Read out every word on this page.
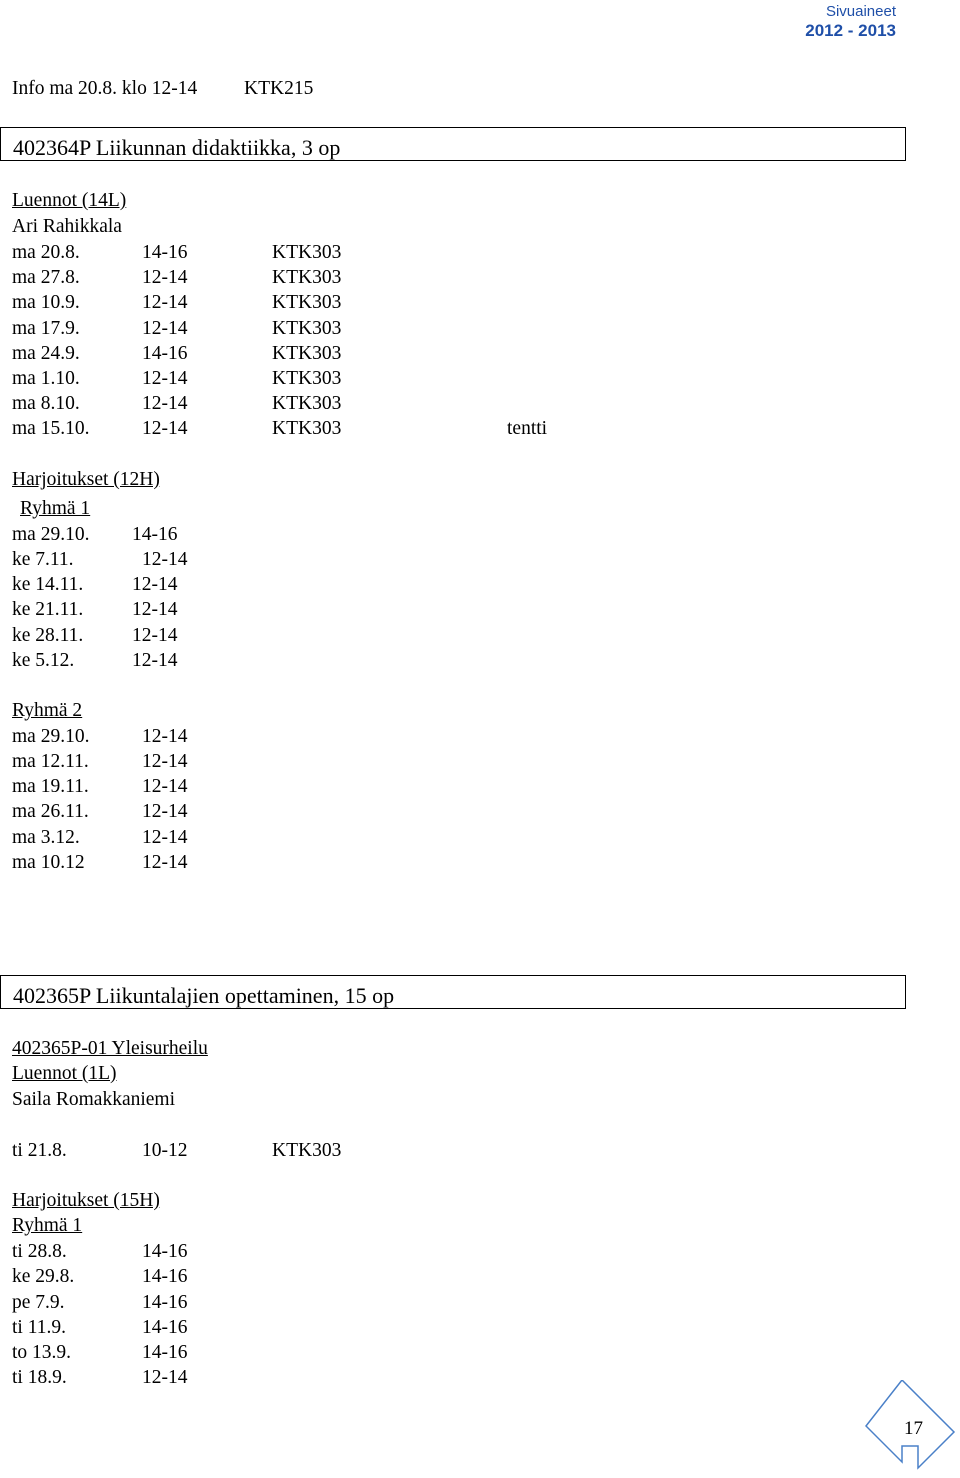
Sivuaineet
2012 - 2013
Info ma 20.8. klo 12-14 KTK215
402364P Liikunnan didaktiikka, 3 op
Luennot (14L)
Ari Rahikkala
ma 20.8.	14-16	KTK303
ma 27.8.	12-14	KTK303
ma 10.9.	12-14	KTK303
ma 17.9.	12-14	KTK303
ma 24.9.	14-16	KTK303
ma 1.10.	12-14	KTK303
ma 8.10.	12-14	KTK303
ma 15.10.	12-14	KTK303	tentti
Harjoitukset (12H)
Ryhmä 1
ma 29.10. 14-16
ke 7.11.	12-14
ke 14.11. 12-14
ke 21.11. 12-14
ke 28.11. 12-14
ke 5.12.	12-14
Ryhmä 2
ma 29.10.	12-14
ma 12.11.	12-14
ma 19.11.	12-14
ma 26.11.	12-14
ma 3.12.	12-14
ma 10.12	12-14
402365P Liikuntalajien opettaminen, 15 op
402365P-01 Yleisurheilu
Luennot (1L)
Saila Romakkaniemi
ti 21.8.	10-12	KTK303
Harjoitukset (15H)
Ryhmä 1
ti 28.8.	14-16
ke 29.8.	14-16
pe 7.9.	14-16
ti 11.9.	14-16
to 13.9.	14-16
ti 18.9.	12-14
17
